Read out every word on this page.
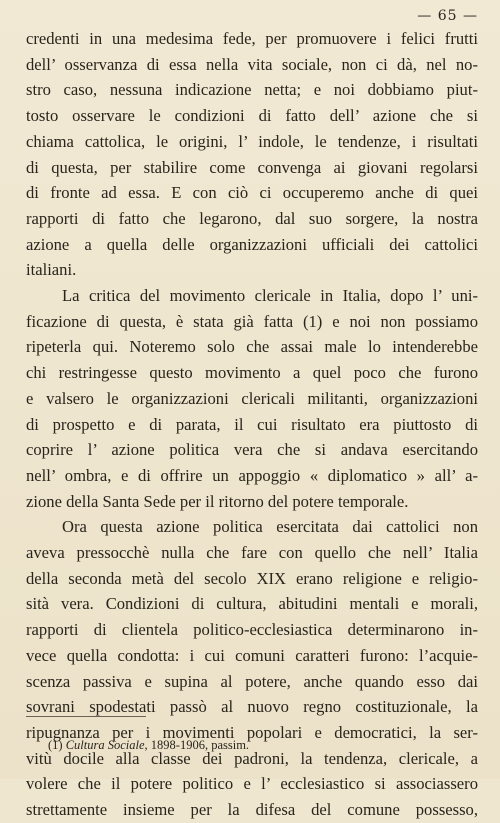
— 65 —

credenti in una medesima fede, per promuovere i felici frutti
dell’ osservanza di essa nella vita sociale, non ci dà, nel no-
stro caso, nessuna indicazione netta; e noi dobbiamo piut-
tosto osservare le condizioni di fatto dell’ azione che si
chiama cattolica, le origini, l’ indole, le tendenze, i risultati
di questa, per stabilire come convenga ai giovani regolarsi
di fronte ad essa. E con ciò ci occuperemo anche di quei
rapporti di fatto che legarono, dal suo sorgere, la nostra
azione a quella delle organizzazioni ufficiali dei cattolici
italiani.

La critica del movimento clericale in Italia, dopo l’ uni-
ficazione di questa, è stata già fatta (1) e noi non possiamo
ripeterla qui. Noteremo solo che assai male lo intenderebbe
chi restringesse questo movimento a quel poco che furono
e valsero le organizzazioni clericali militanti, organizzazioni
di prospetto e di parata, il cui risultato era piuttosto di
coprire l’ azione politica vera che si andava esercitando
nell’ ombra, e di offrire un appoggio « diplomatico » all’ a-
zione della Santa Sede per il ritorno del potere temporale.

Ora questa azione politica esercitata dai cattolici non
aveva pressocchè nulla che fare con quello che nell’ Italia
della seconda metà del secolo XIX erano religione e religio-
sità vera. Condizioni di cultura, abitudini mentali e morali,
rapporti di clientela politico-ecclesiastica determinarono in-
vece quella condotta: i cui comuni caratteri furono: l’acquie-
scenza passiva e supina al potere, anche quando esso dai
sovrani spodestati passò al nuovo regno costituzionale, la
ripugnanza per i movimenti popolari e democratici, la ser-
vitù docile alla classe dei padroni, la tendenza, clericale, a
volere che il potere politico e l’ ecclesiastico si associassero
strettamente insieme per la difesa del comune possesso,

(1) Cultura Sociale, 1898-1906, passim.
